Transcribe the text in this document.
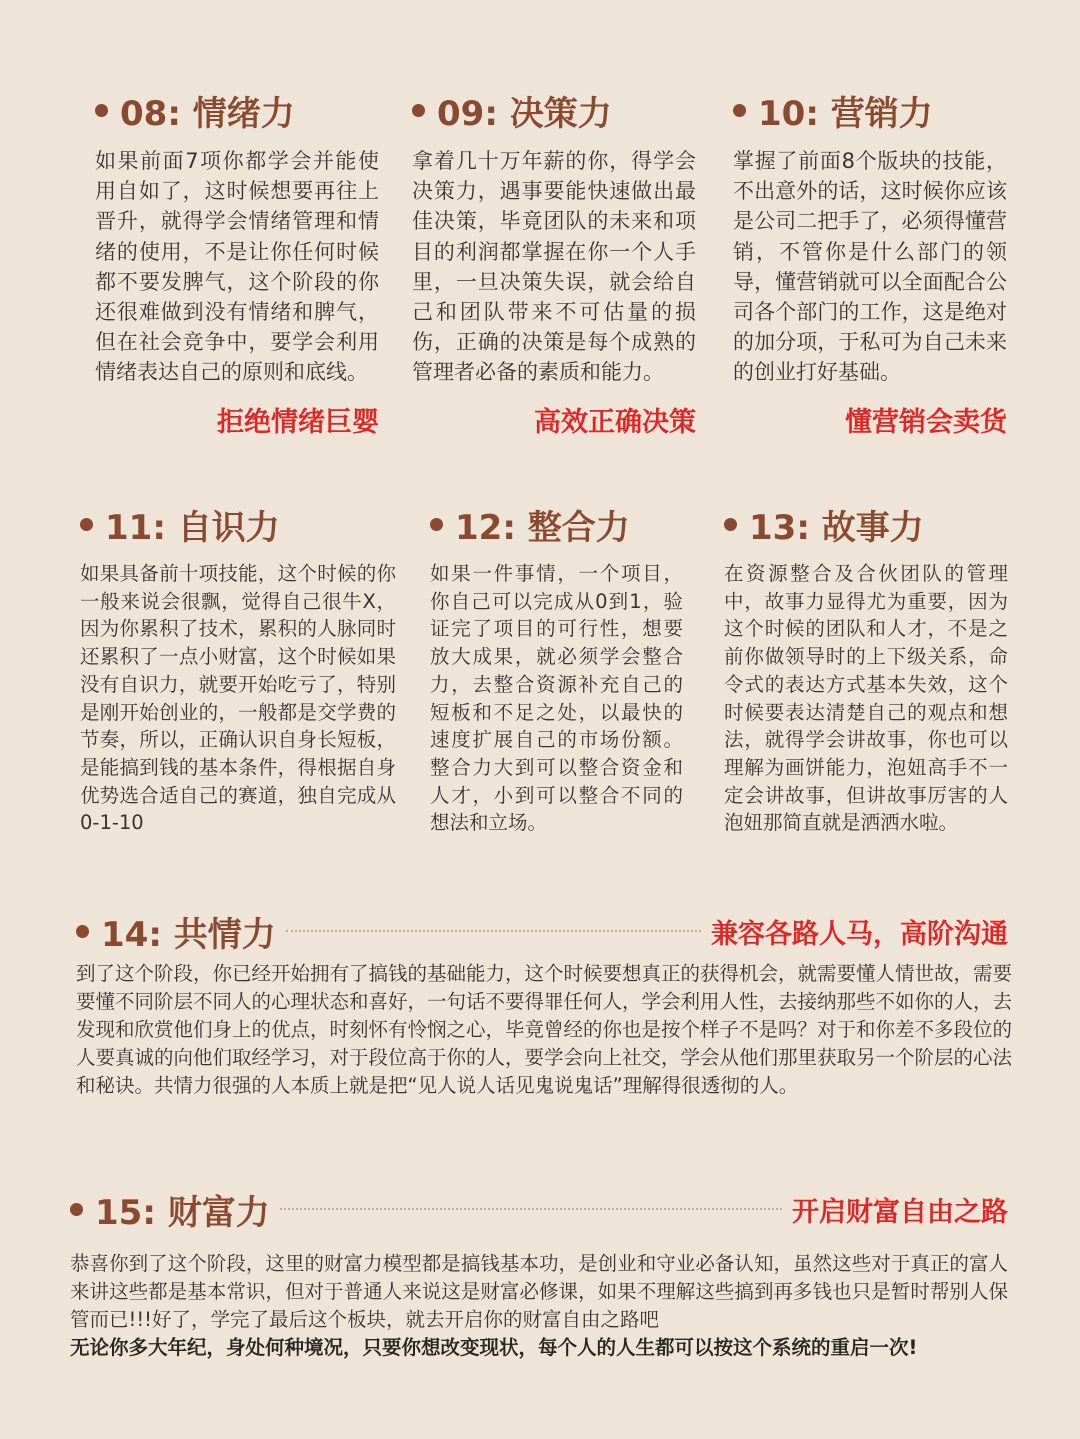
08: 情绪力

如果前面7项你都学会并能使用自如了，这时候想要再往上晋升，就得学会情绪管理和情绪的使用，不是让你任何时候都不要发脾气，这个阶段的你还很难做到没有情绪和脾气，但在社会竞争中，要学会利用情绪表达自己的原则和底线。

拒绝情绪巨婴
09: 决策力

拿着几十万年薪的你，得学会决策力，遇事要能快速做出最佳决策，毕竟团队的未来和项目的利润都掌握在你一个人手里，一旦决策失误，就会给自己和团队带来不可估量的损伤，正确的决策是每个成熟的管理者必备的素质和能力。

高效正确决策
10: 营销力

掌握了前面8个版块的技能，不出意外的话，这时候你应该是公司二把手了，必须得懂营销，不管你是什么部门的领导，懂营销就可以全面配合公司各个部门的工作，这是绝对的加分项，于私可为自己未来的创业打好基础。

懂营销会卖货
11: 自识力

如果具备前十项技能，这个时候的你一般来说会很飘，觉得自己很牛X，因为你累积了技术，累积的人脉同时还累积了一点小财富，这个时候如果没有自识力，就要开始吃亏了，特别是刚开始创业的，一般都是交学费的节奏，所以，正确认识自身长短板，是能搞到钱的基本条件，得根据自身优势选合适自己的赛道，独自完成从0-1-10

12: 整合力

如果一件事情，一个项目，你自己可以完成从0到1，验证完了项目的可行性，想要放大成果，就必须学会整合力，去整合资源补充自己的短板和不足之处，以最快的速度扩展自己的市场份额。整合力大到可以整合资金和人才，小到可以整合不同的想法和立场。

13: 故事力

在资源整合及合伙团队的管理中，故事力显得尤为重要，因为这个时候的团队和人才，不是之前你做领导时的上下级关系，命令式的表达方式基本失效，这个时候要表达清楚自己的观点和想法，就得学会讲故事，你也可以理解为画饼能力，泡妞高手不一定会讲故事，但讲故事厉害的人泡妞那简直就是洒洒水啦。

14: 共情力	兼容各路人马，高阶沟通

到了这个阶段，你已经开始拥有了搞钱的基础能力，这个时候要想真正的获得机会，就需要懂人情世故，需要要懂不同阶层不同人的心理状态和喜好，一句话不要得罪任何人，学会利用人性，去接纳那些不如你的人，去发现和欣赏他们身上的优点，时刻怀有怜悯之心，毕竟曾经的你也是按个样子不是吗？对于和你差不多段位的人要真诚的向他们取经学习，对于段位高于你的人，要学会向上社交，学会从他们那里获取另一个阶层的心法和秘诀。共情力很强的人本质上就是把“见人说人话见鬼说鬼话”理解得很透彻的人。

15: 财富力	开启财富自由之路
恭喜你到了这个阶段，这里的财富力模型都是搞钱基本功，是创业和守业必备认知，虽然这些对于真正的富人来讲这些都是基本常识，但对于普通人来说这是财富必修课，如果不理解这些搞到再多钱也只是暂时帮别人保管而已!!!好了，学完了最后这个板块，就去开启你的财富自由之路吧
无论你多大年纪，身处何种境况，只要你想改变现状，每个人的人生都可以按这个系统的重启一次!
